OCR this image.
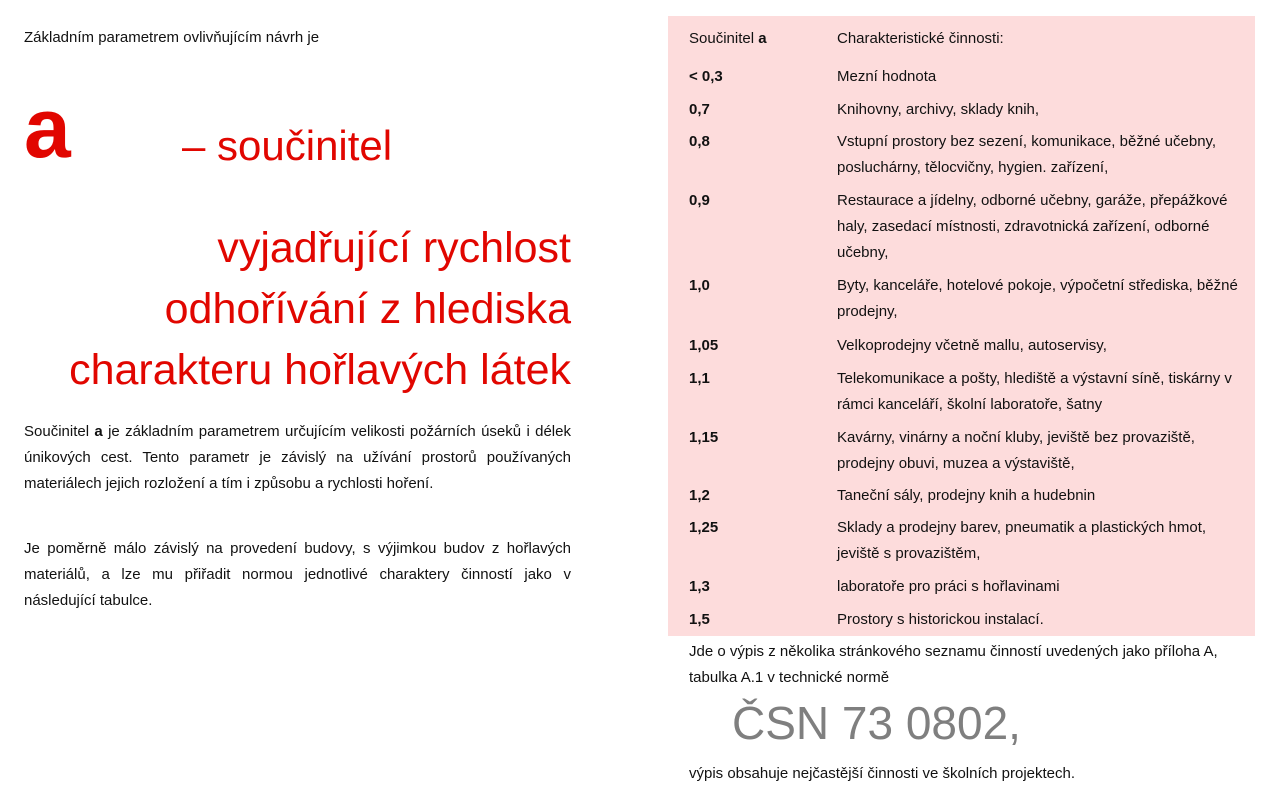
Základním parametrem ovlivňujícím návrh je
a	– součinitel
vyjadřující rychlost
odhořívání z hlediska
charakteru hořlavých látek
Součinitel a je základním parametrem určujícím velikosti požárních úseků i délek únikových cest. Tento parametr je závislý na užívání prostorů používaných materiálech jejich rozložení a tím i způsobu a rychlosti hoření.
Je poměrně málo závislý na provedení budovy, s výjimkou budov z hořlavých materiálů, a lze mu přiřadit normou jednotlivé charaktery činností jako v následující tabulce.
Součinitel a	Charakteristické činnosti:
< 0,3	Mezní hodnota
0,7	Knihovny, archivy, sklady knih,
0,8	Vstupní prostory bez sezení, komunikace, běžné učebny, posluchárny, tělocvičny, hygien. zařízení,
0,9	Restaurace a jídelny, odborné učebny, garáže, přepážkové haly, zasedací místnosti, zdravotnická zařízení, odborné učebny,
1,0	Byty, kanceláře, hotelové pokoje, výpočetní střediska, běžné prodejny,
1,05	Velkoprodejny včetně mallu, autoservisy,
1,1	Telekomunikace a pošty, hlediště a výstavní síně, tiskárny v rámci kanceláří, školní laboratoře, šatny
1,15	Kavárny, vinárny a noční kluby, jeviště bez provaziště, prodejny obuvi, muzea a výstaviště,
1,2	Taneční sály, prodejny knih a hudebnin
1,25	Sklady a prodejny barev, pneumatik a plastických hmot, jeviště s provazištěm,
1,3	laboratoře pro práci s hořlavinami
1,5	Prostory s historickou instalací.
Jde o výpis z několika stránkového seznamu činností uvedených jako příloha A, tabulka A.1 v technické normě
ČSN 73 0802,
výpis obsahuje nejčastější činnosti ve školních projektech.
